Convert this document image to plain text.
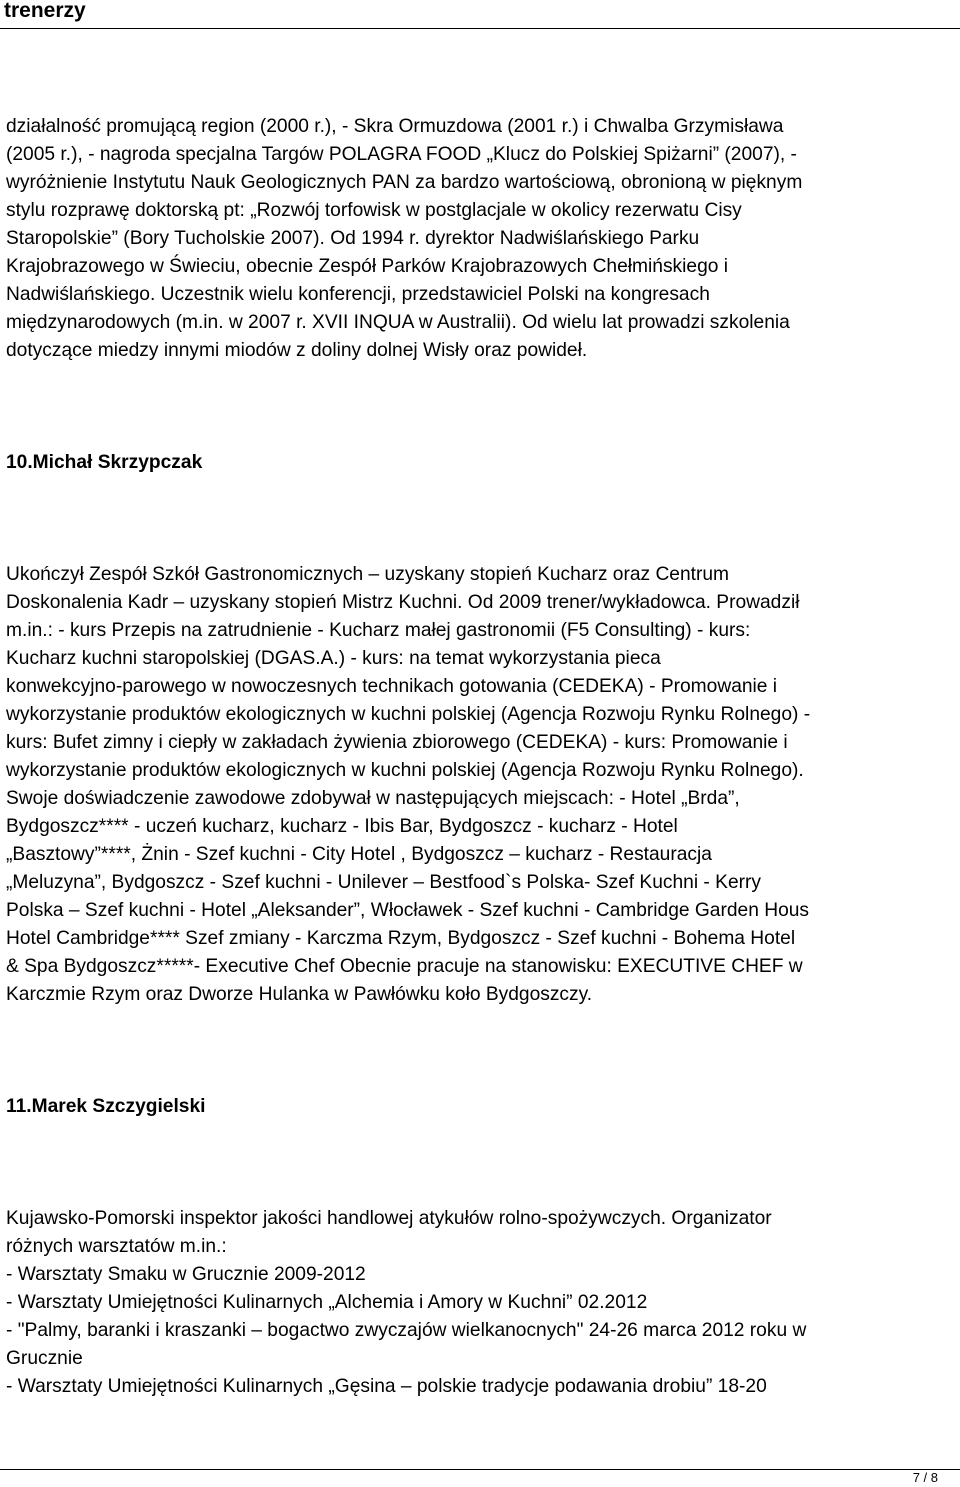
trenerzy
działalność promującą region (2000 r.), - Skra Ormuzdowa (2001 r.) i Chwalba Grzymisława
(2005 r.), - nagroda specjalna Targów POLAGRA FOOD „Klucz do Polskiej Spiżarni” (2007), -
wyróżnienie Instytutu Nauk Geologicznych PAN za bardzo wartościową, obronioną w pięknym
stylu rozprawę doktorską pt: „Rozwój torfowisk w postglacjale w okolicy rezerwatu Cisy
Staropolskie” (Bory Tucholskie 2007). Od 1994 r. dyrektor Nadwiślańskiego Parku
Krajobrazowego w Świeciu, obecnie Zespół Parków Krajobrazowych Chełmińskiego i
Nadwiślańskiego. Uczestnik wielu konferencji, przedstawiciel Polski na kongresach
międzynarodowych (m.in. w 2007 r. XVII INQUA w Australii). Od wielu lat prowadzi szkolenia
dotyczące miedzy innymi miodów z doliny dolnej Wisły oraz powideł.
10.Michał Skrzypczak
Ukończył Zespół Szkół Gastronomicznych – uzyskany stopień Kucharz oraz Centrum
Doskonalenia Kadr – uzyskany stopień Mistrz Kuchni. Od 2009 trener/wykładowca. Prowadził
m.in.: - kurs Przepis na zatrudnienie - Kucharz małej gastronomii (F5 Consulting) - kurs:
Kucharz kuchni staropolskiej (DGAS.A.) - kurs: na temat wykorzystania pieca
konwekcyjno-parowego w nowoczesnych technikach gotowania (CEDEKA) - Promowanie i
wykorzystanie produktów ekologicznych w kuchni polskiej (Agencja Rozwoju Rynku Rolnego) -
kurs: Bufet zimny i ciepły w zakładach żywienia zbiorowego (CEDEKA) - kurs: Promowanie i
wykorzystanie produktów ekologicznych w kuchni polskiej (Agencja Rozwoju Rynku Rolnego).
Swoje doświadczenie zawodowe zdobywał w następujących miejscach: - Hotel „Brda”,
Bydgoszcz**** - uczeń kucharz, kucharz - Ibis Bar, Bydgoszcz - kucharz - Hotel
„Basztowy”****, Żnin - Szef kuchni - City Hotel , Bydgoszcz – kucharz - Restauracja
„Meluzyna”, Bydgoszcz - Szef kuchni - Unilever – Bestfood`s Polska- Szef Kuchni - Kerry
Polska – Szef kuchni - Hotel „Aleksander”, Włocławek - Szef kuchni - Cambridge Garden Hous
Hotel Cambridge**** Szef zmiany - Karczma Rzym, Bydgoszcz - Szef kuchni - Bohema Hotel
& Spa Bydgoszcz*****- Executive Chef Obecnie pracuje na stanowisku: EXECUTIVE CHEF w
Karczmie Rzym oraz Dworze Hulanka w Pawłówku koło Bydgoszczy.
11.Marek Szczygielski
Kujawsko-Pomorski inspektor jakości handlowej atykułów rolno-spożywczych. Organizator
różnych warsztatów m.in.:
- Warsztaty Smaku w Grucznie 2009-2012
- Warsztaty Umiejętności Kulinarnych „Alchemia i Amory w Kuchni” 02.2012
- "Palmy, baranki i kraszanki – bogactwo zwyczajów wielkanocnych" 24-26 marca 2012 roku w
Grucznie
- Warsztaty Umiejętności Kulinarnych „Gęsina – polskie tradycje podawania drobiu” 18-20
7 / 8
